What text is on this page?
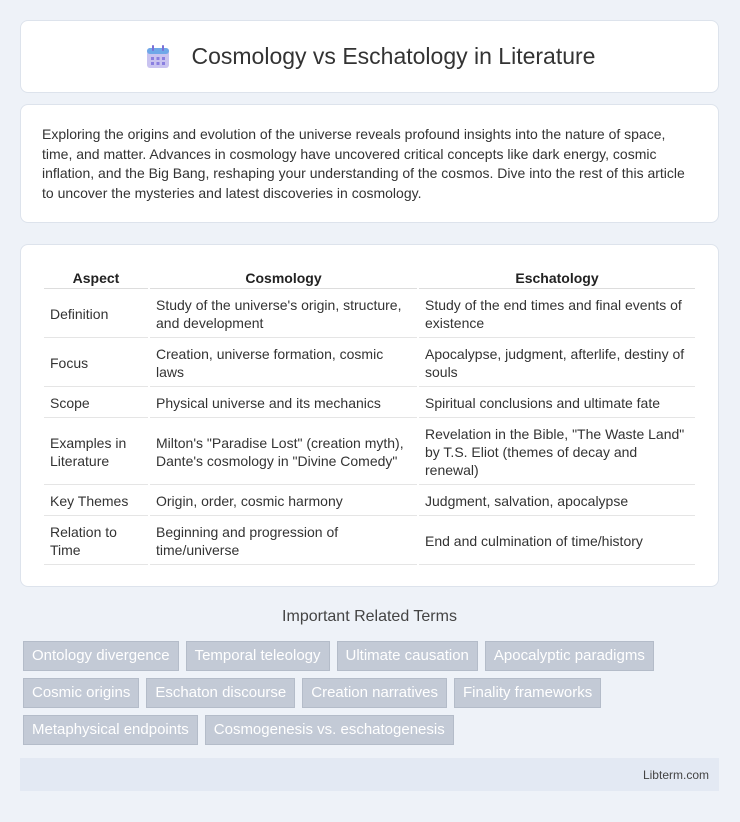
Cosmology vs Eschatology in Literature

Exploring the origins and evolution of the universe reveals profound insights into the nature of space, time, and matter. Advances in cosmology have uncovered critical concepts like dark energy, cosmic inflation, and the Big Bang, reshaping your understanding of the cosmos. Dive into the rest of this article to uncover the mysteries and latest discoveries in cosmology.

Aspect	Cosmology	Eschatology
Definition	Study of the universe's origin, structure, and development	Study of the end times and final events of existence
Focus	Creation, universe formation, cosmic laws	Apocalypse, judgment, afterlife, destiny of souls
Scope	Physical universe and its mechanics	Spiritual conclusions and ultimate fate
Examples in Literature	Milton's "Paradise Lost" (creation myth), Dante's cosmology in "Divine Comedy"	Revelation in the Bible, "The Waste Land" by T.S. Eliot (themes of decay and renewal)
Key Themes	Origin, order, cosmic harmony	Judgment, salvation, apocalypse
Relation to Time	Beginning and progression of time/universe	End and culmination of time/history
Important Related Terms
Ontology divergence	Temporal teleology	Ultimate causation	Apocalyptic paradigms
Cosmic origins	Eschaton discourse	Creation narratives	Finality frameworks
Metaphysical endpoints	Cosmogenesis vs. eschatogenesis
Libterm.com
